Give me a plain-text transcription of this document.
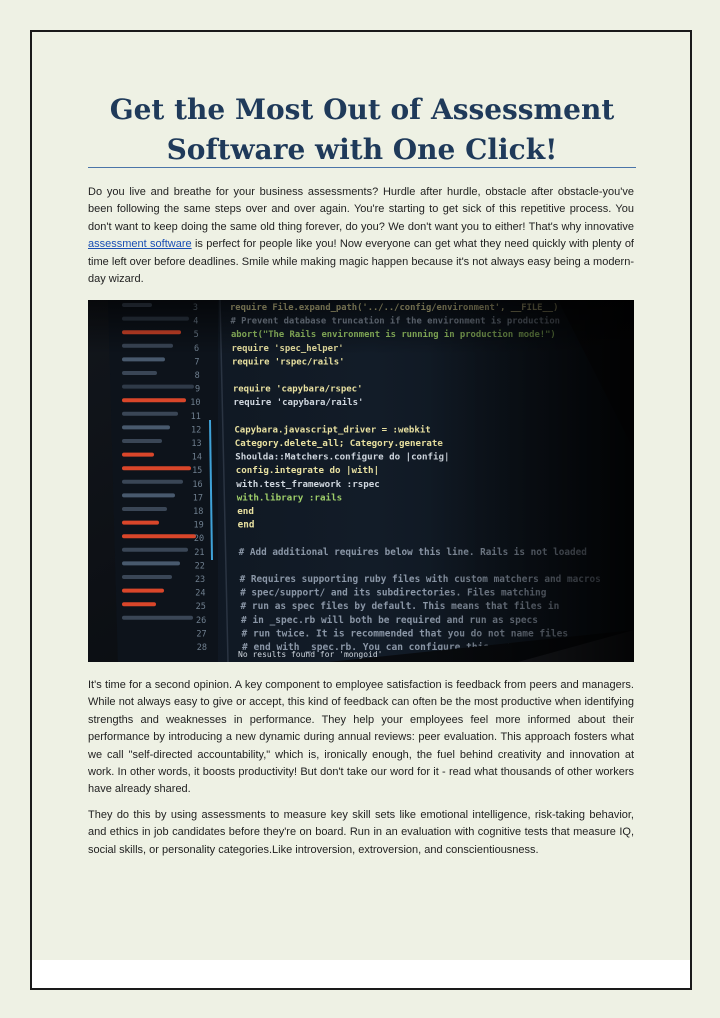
Get the Most Out of Assessment Software with One Click!

Do you live and breathe for your business assessments? Hurdle after hurdle, obstacle after obstacle-you've been following the same steps over and over again. You're starting to get sick of this repetitive process. You don't want to keep doing the same old thing forever, do you? We don't want you to either! That's why innovative assessment software is perfect for people like you! Now everyone can get what they need quickly with plenty of time left over before deadlines. Smile while making magic happen because it's not always easy being a modern-day wizard.

It's time for a second opinion. A key component to employee satisfaction is feedback from peers and managers. While not always easy to give or accept, this kind of feedback can often be the most productive when identifying strengths and weaknesses in performance. They help your employees feel more informed about their performance by introducing a new dynamic during annual reviews: peer evaluation. This approach fosters what we call "self-directed accountability," which is, ironically enough, the fuel behind creativity and innovation at work. In other words, it boosts productivity! But don't take our word for it - read what thousands of other workers have already shared.

They do this by using assessments to measure key skill sets like emotional intelligence, risk-taking behavior, and ethics in job candidates before they're on board. Run in an evaluation with cognitive tests that measure IQ, social skills, or personality categories.Like introversion, extroversion, and conscientiousness.
